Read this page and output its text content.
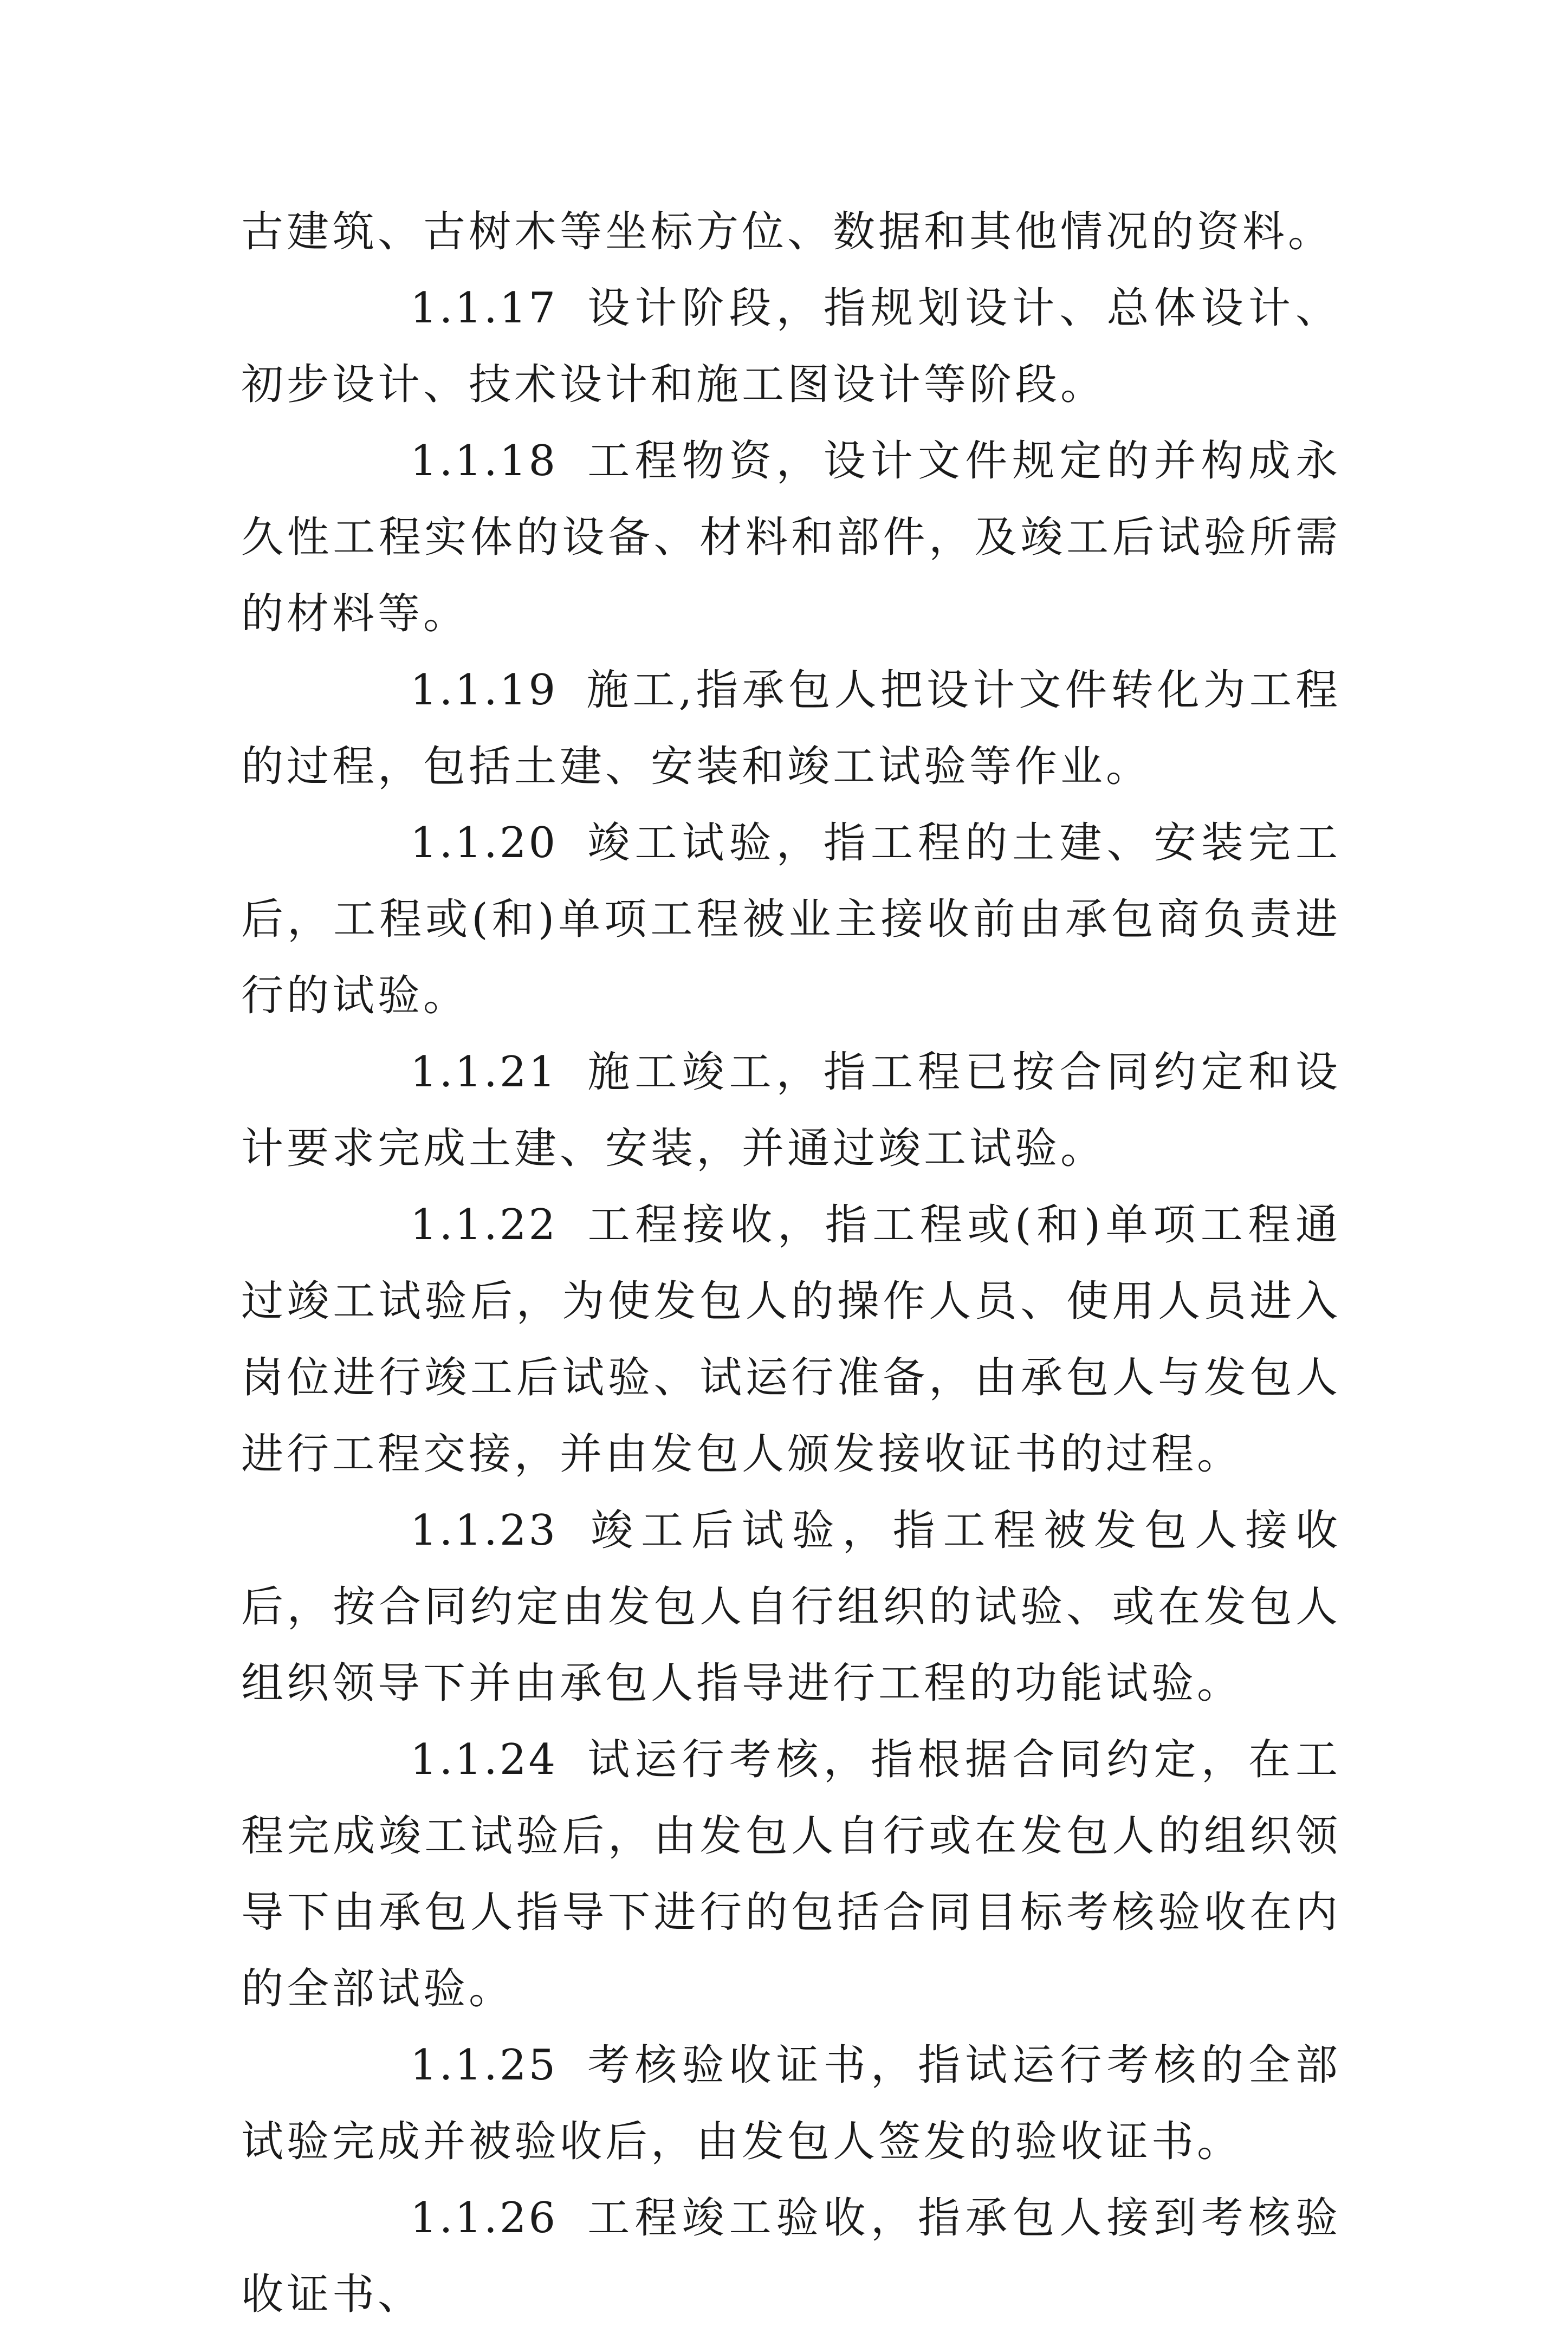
古建筑、古树木等坐标方位、数据和其他情况的资料。

1.1.17 设计阶段，指规划设计、总体设计、初步设计、技术设计和施工图设计等阶段。

1.1.18 工程物资，设计文件规定的并构成永久性工程实体的设备、材料和部件，及竣工后试验所需的材料等。

1.1.19 施工,指承包人把设计文件转化为工程的过程，包括土建、安装和竣工试验等作业。

1.1.20 竣工试验，指工程的土建、安装完工后，工程或(和)单项工程被业主接收前由承包商负责进行的试验。

1.1.21 施工竣工，指工程已按合同约定和设计要求完成土建、安装，并通过竣工试验。

1.1.22 工程接收，指工程或(和)单项工程通过竣工试验后，为使发包人的操作人员、使用人员进入岗位进行竣工后试验、试运行准备，由承包人与发包人进行工程交接，并由发包人颁发接收证书的过程。

1.1.23 竣工后试验，指工程被发包人接收后，按合同约定由发包人自行组织的试验、或在发包人组织领导下并由承包人指导进行工程的功能试验。

1.1.24 试运行考核，指根据合同约定，在工程完成竣工试验后，由发包人自行或在发包人的组织领导下由承包人指导下进行的包括合同目标考核验收在内的全部试验。

1.1.25 考核验收证书，指试运行考核的全部试验完成并被验收后，由发包人签发的验收证书。

1.1.26 工程竣工验收，指承包人接到考核验收证书、
